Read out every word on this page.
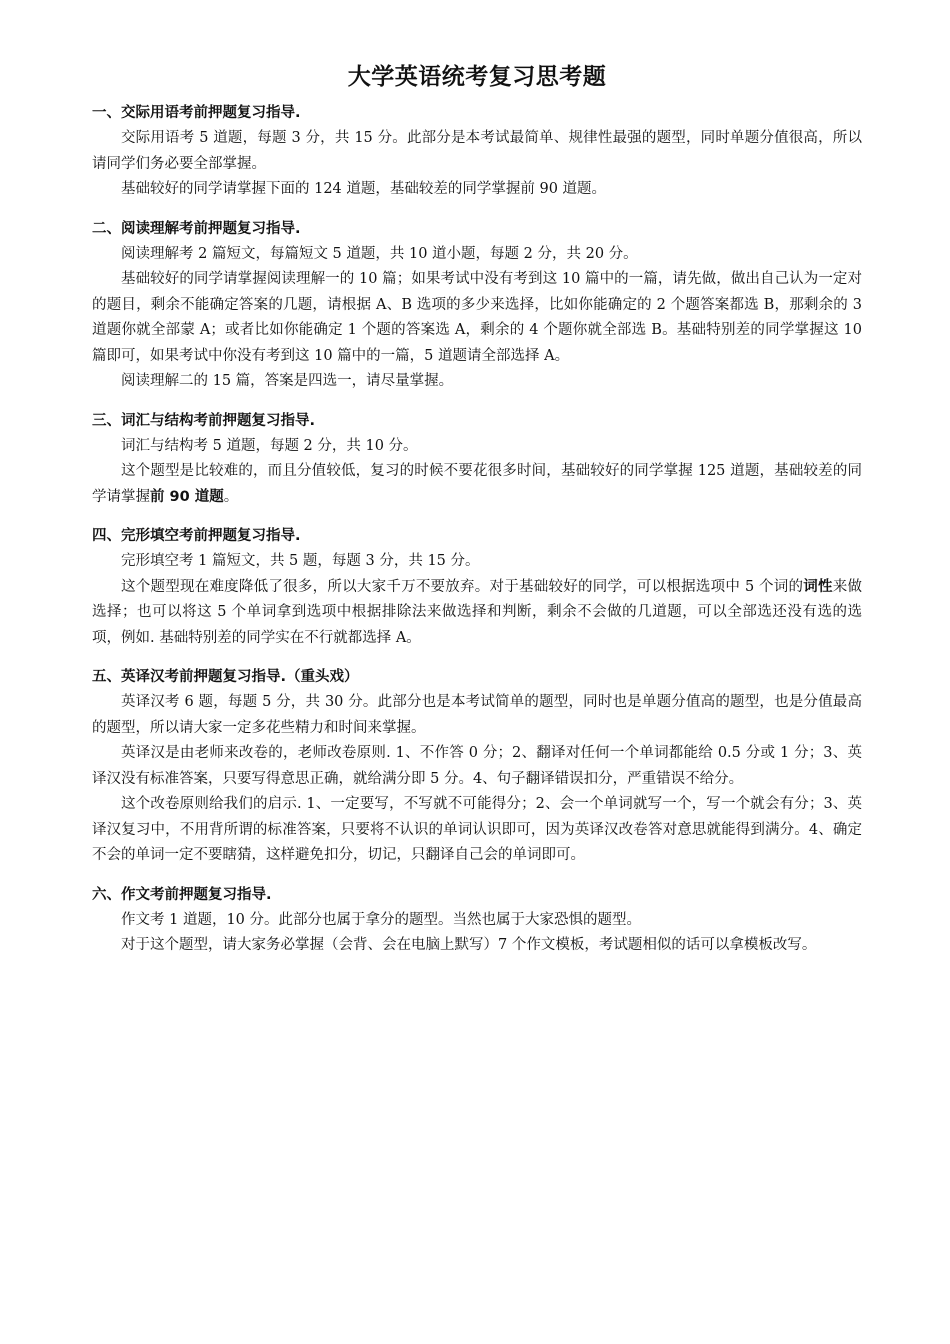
大学英语统考复习思考题

一、交际用语考前押题复习指导.

交际用语考 5 道题，每题 3 分，共 15 分。此部分是本考试最简单、规律性最强的题型，同时单题分值很高，所以请同学们务必要全部掌握。

基础较好的同学请掌握下面的 124 道题，基础较差的同学掌握前 90 道题。

二、阅读理解考前押题复习指导.

阅读理解考 2 篇短文，每篇短文 5 道题，共 10 道小题，每题 2 分，共 20 分。

基础较好的同学请掌握阅读理解一的 10 篇；如果考试中没有考到这 10 篇中的一篇，请先做，做出自己认为一定对的题目，剩余不能确定答案的几题，请根据 A、B 选项的多少来选择，比如你能确定的 2 个题答案都选 B，那剩余的 3 道题你就全部蒙 A；或者比如你能确定 1 个题的答案选 A，剩余的 4 个题你就全部选 B。基础特别差的同学掌握这 10 篇即可，如果考试中你没有考到这 10 篇中的一篇，5 道题请全部选择 A。

阅读理解二的 15 篇，答案是四选一，请尽量掌握。

三、词汇与结构考前押题复习指导.

词汇与结构考 5 道题，每题 2 分，共 10 分。

这个题型是比较难的，而且分值较低，复习的时候不要花很多时间，基础较好的同学掌握 125 道题，基础较差的同学请掌握前 90 道题。

四、完形填空考前押题复习指导.

完形填空考 1 篇短文，共 5 题，每题 3 分，共 15 分。

这个题型现在难度降低了很多，所以大家千万不要放弃。对于基础较好的同学，可以根据选项中 5 个词的词性来做选择；也可以将这 5 个单词拿到选项中根据排除法来做选择和判断，剩余不会做的几道题，可以全部选还没有选的选项，例如. 基础特别差的同学实在不行就都选择 A。

五、英译汉考前押题复习指导.（重头戏）

英译汉考 6 题，每题 5 分，共 30 分。此部分也是本考试简单的题型，同时也是单题分值高的题型，也是分值最高的题型，所以请大家一定多花些精力和时间来掌握。

英译汉是由老师来改卷的，老师改卷原则. 1、不作答 0 分；2、翻译对任何一个单词都能给 0.5 分或 1 分；3、英译汉没有标准答案，只要写得意思正确，就给满分即 5 分。4、句子翻译错误扣分，严重错误不给分。

这个改卷原则给我们的启示. 1、一定要写，不写就不可能得分；2、会一个单词就写一个，写一个就会有分；3、英译汉复习中，不用背所谓的标准答案，只要将不认识的单词认识即可，因为英译汉改卷答对意思就能得到满分。4、确定不会的单词一定不要瞎猜，这样避免扣分，切记，只翻译自己会的单词即可。

六、作文考前押题复习指导.

作文考 1 道题，10 分。此部分也属于拿分的题型。当然也属于大家恐惧的题型。

对于这个题型，请大家务必掌握（会背、会在电脑上默写）7 个作文模板，考试题相似的话可以拿模板改写。
